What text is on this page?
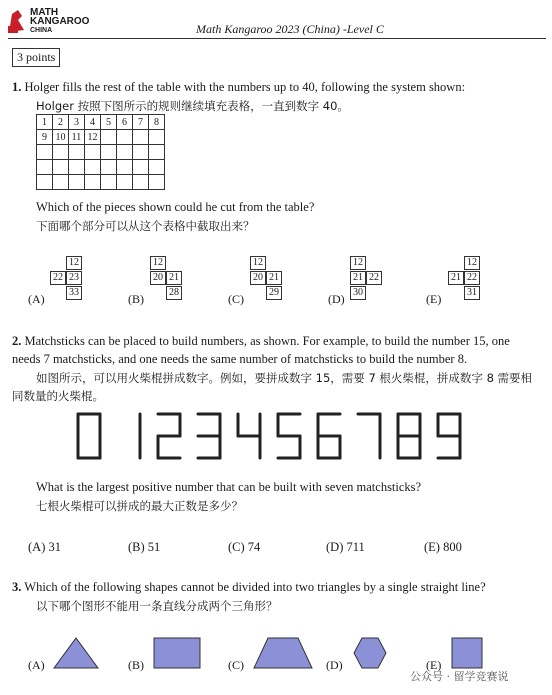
MATH
KANGAROO
CHINA	Math Kangaroo 2023 (China) -Level C
3 points
1. Holger fills the rest of the table with the numbers up to 40, following the system shown:
Holger 按照下图所示的规则继续填充表格，一直到数字 40。
1	2	3	4	5	6	7	8
9	10	11	12				

Which of the pieces shown could he cut from the table?
下面哪个部分可以从这个表格中截取出来？
(A)
12
22 23
33	(B)
12
20 21
28	(C)
12
20 21
29	(D)
12
21 22
30	(E)
12
21 22
31
2. Matchsticks can be placed to build numbers, as shown. For example, to build the number 15, one
needs 7 matchsticks, and one needs the same number of matchsticks to build the number 8.
如图所示，可以用火柴棍拼成数字。例如，要拼成数字 15，需要 7 根火柴棍，拼成数字 8 需要相
同数量的火柴棍。
What is the largest positive number that can be built with seven matchsticks?
七根火柴棍可以拼成的最大正数是多少？
(A) 31	(B) 51	(C) 74	(D) 711	(E) 800
3. Which of the following shapes cannot be divided into two triangles by a single straight line?
以下哪个图形不能用一条直线分成两个三角形？
(A)	(B)	(C)	(D)	(E)
公众号 · 留学竞赛说
